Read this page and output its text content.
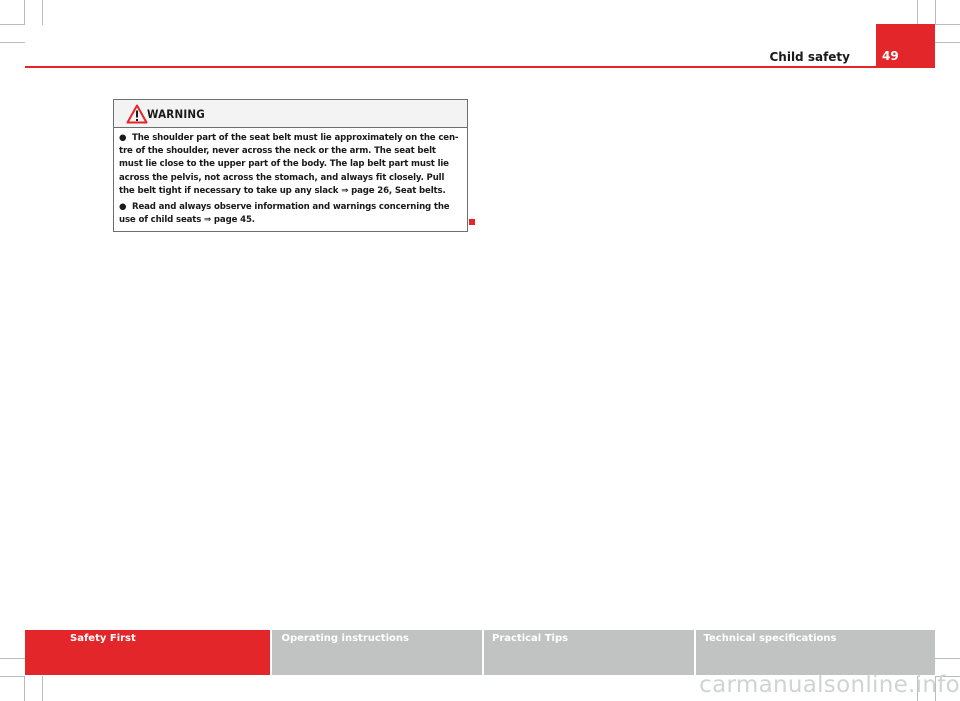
Child safety	49
WARNING

● The shoulder part of the seat belt must lie approximately on the cen- tre of the shoulder, never across the neck or the arm. The seat belt must lie close to the upper part of the body. The lap belt part must lie across the pelvis, not across the stomach, and always fit closely. Pull the belt tight if necessary to take up any slack ⇒ page 26, Seat belts.

● Read and always observe information and warnings concerning the use of child seats ⇒ page 45.

Safety First	Operating instructions	Practical Tips	Technical specifications
carmanualsonline.info
